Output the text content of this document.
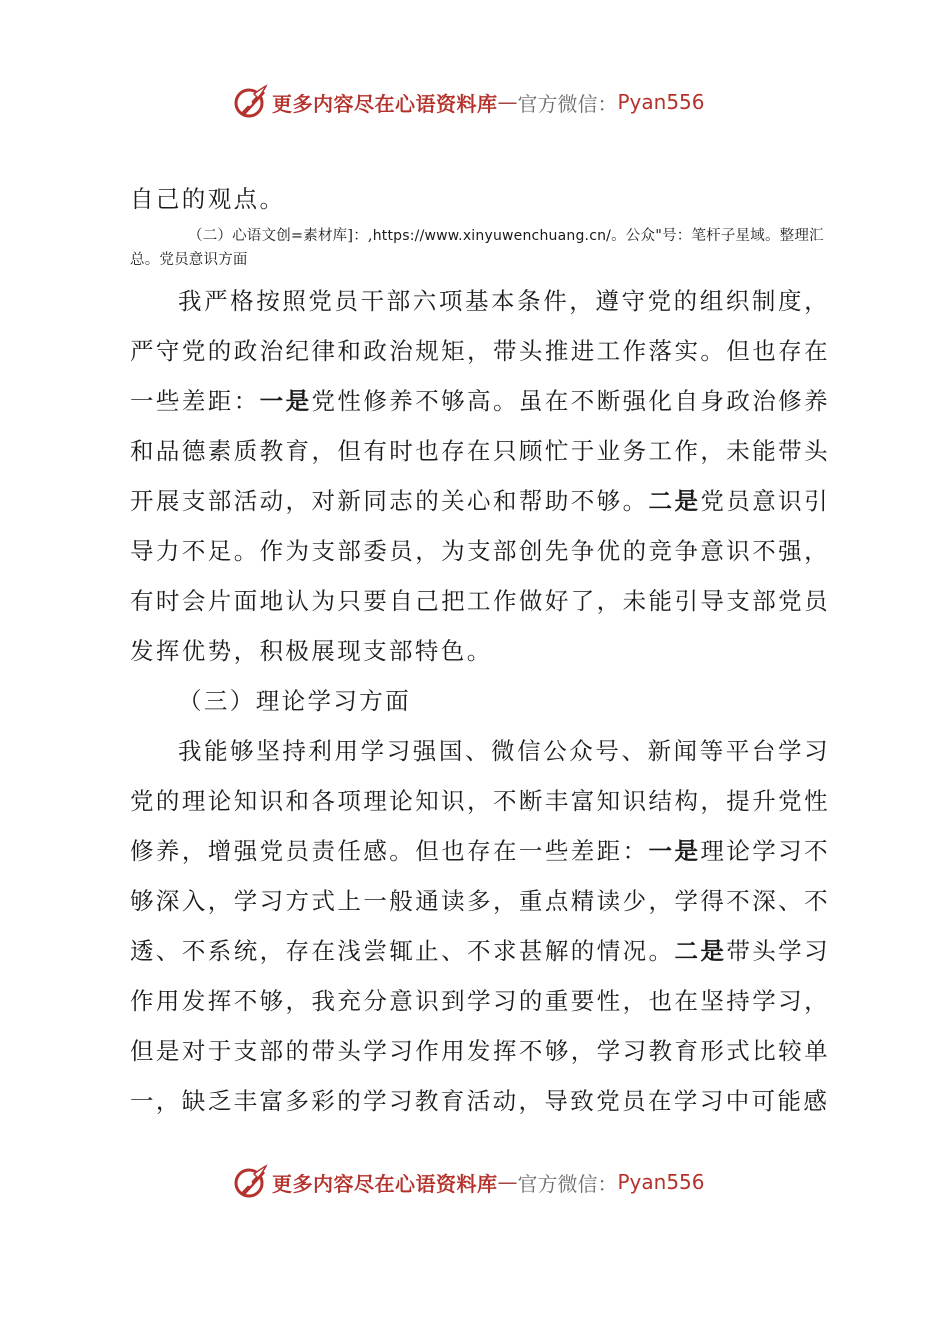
更多内容尽在心语资料库 — 官方微信： Pyan556

自己的观点。

（二）心语文创=素材库]：,https://www.xinyuwenchuang.cn/。公众"号：笔杆子星域。整理汇总。党员意识方面

我严格按照党员干部六项基本条件，遵守党的组织制度，严守党的政治纪律和政治规矩，带头推进工作落实。但也存在一些差距：一是党性修养不够高。虽在不断强化自身政治修养和品德素质教育，但有时也存在只顾忙于业务工作，未能带头开展支部活动，对新同志的关心和帮助不够。二是党员意识引导力不足。作为支部委员，为支部创先争优的竞争意识不强，有时会片面地认为只要自己把工作做好了，未能引导支部党员发挥优势，积极展现支部特色。

（三）理论学习方面

我能够坚持利用学习强国、微信公众号、新闻等平台学习党的理论知识和各项理论知识，不断丰富知识结构，提升党性修养，增强党员责任感。但也存在一些差距：一是理论学习不够深入，学习方式上一般通读多，重点精读少，学得不深、不透、不系统，存在浅尝辄止、不求甚解的情况。二是带头学习作用发挥不够，我充分意识到学习的重要性，也在坚持学习，但是对于支部的带头学习作用发挥不够，学习教育形式比较单一，缺乏丰富多彩的学习教育活动，导致党员在学习中可能感

更多内容尽在心语资料库 — 官方微信： Pyan556
